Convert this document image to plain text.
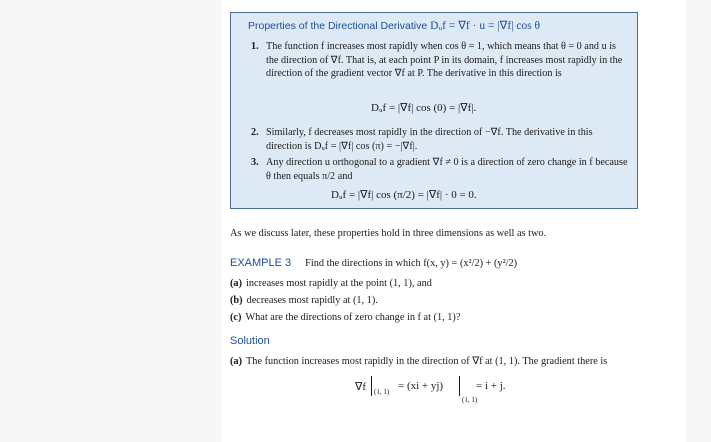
Properties of the Directional Derivative Dᵤf = ∇f · u = |∇f| cos θ
1. The function f increases most rapidly when cos θ = 1, which means that θ = 0 and u is the direction of ∇f. That is, at each point P in its domain, f increases most rapidly in the direction of the gradient vector ∇f at P. The derivative in this direction is
Dᵤf = |∇f| cos (0) = |∇f|.
2. Similarly, f decreases most rapidly in the direction of −∇f. The derivative in this direction is Dᵤf = |∇f| cos (π) = −|∇f|.
3. Any direction u orthogonal to a gradient ∇f ≠ 0 is a direction of zero change in f because θ then equals π/2 and
Dᵤf = |∇f| cos (π/2) = |∇f| · 0 = 0.
As we discuss later, these properties hold in three dimensions as well as two.
EXAMPLE 3 Find the directions in which f(x, y) = (x²/2) + (y²/2)
(a) increases most rapidly at the point (1, 1), and
(b) decreases most rapidly at (1, 1).
(c) What are the directions of zero change in f at (1, 1)?
Solution
(a) The function increases most rapidly in the direction of ∇f at (1, 1). The gradient there is
∇f (1, 1) = (xi + yj)
(1, 1)
= i + j.
